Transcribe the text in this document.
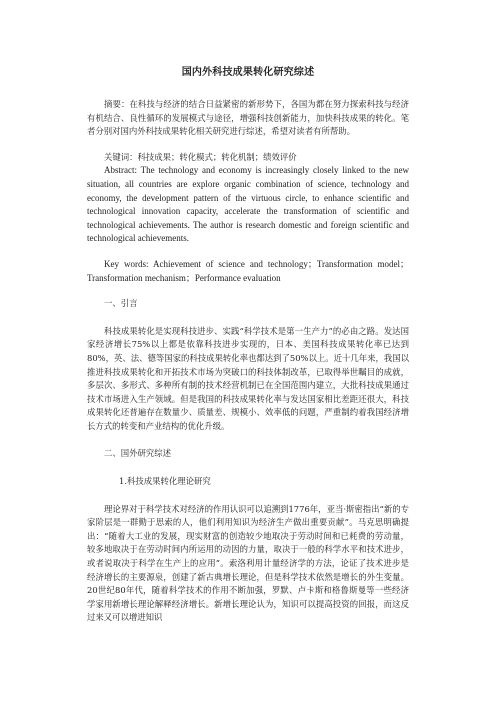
国内外科技成果转化研究综述

摘要：在科技与经济的结合日益紧密的新形势下，各国为都在努力探索科技与经济有机结合、良性循环的发展模式与途径，增强科技创新能力，加快科技成果的转化。笔者分别对国内外科技成果转化相关研究进行综述，希望对读者有所帮助。

关键词：科技成果；转化模式；转化机制；绩效评价

Abstract: The technology and economy is increasingly closely linked to the new situation, all countries are explore organic combination of science, technology and economy, the development pattern of the virtuous circle, to enhance scientific and technological innovation capacity, accelerate the transformation of scientific and technological achievements. The author is research domestic and foreign scientific and technological achievements.

Key words: Achievement of science and technology；Transformation model；Transformation mechanism；Performance evaluation

一、引言

科技成果转化是实现科技进步、实践“科学技术是第一生产力”的必由之路。发达国家经济增长75%以上都是依靠科技进步实现的，日本、美国科技成果转化率已达到80%，英、法、德等国家的科技成果转化率也都达到了50%以上。近十几年来，我国以推进科技成果转化和开拓技术市场为突破口的科技体制改革，已取得举世瞩目的成就，多层次、多形式、多种所有制的技术经营机制已在全国范围内建立，大批科技成果通过技术市场进入生产领域。但是我国的科技成果转化率与发达国家相比差距还很大，科技成果转化还普遍存在数量少、质量差、规模小、效率低的问题，严重制约着我国经济增长方式的转变和产业结构的优化升级。

二、国外研究综述

1.科技成果转化理论研究

理论界对于科学技术对经济的作用认识可以追溯到1776年，亚当·斯密指出“新的专家阶层是一群勤于思索的人，他们利用知识为经济生产做出重要贡献”。马克思明确提出：“随着大工业的发展，现实财富的创造较少地取决于劳动时间和已耗费的劳动量，较多地取决于在劳动时间内所运用的动因的力量，取决于一般的科学水平和技术进步，或者说取决于科学在生产上的应用”。索洛利用计量经济学的方法，论证了技术进步是经济增长的主要源泉，创建了新古典增长理论，但是科学技术依然是增长的外生变量。20世纪80年代，随着科学技术的作用不断加强，罗默、卢卡斯和格鲁斯曼等一些经济学家用新增长理论解释经济增长。新增长理论认为，知识可以提高投资的回报，而这反过来又可以增进知识
